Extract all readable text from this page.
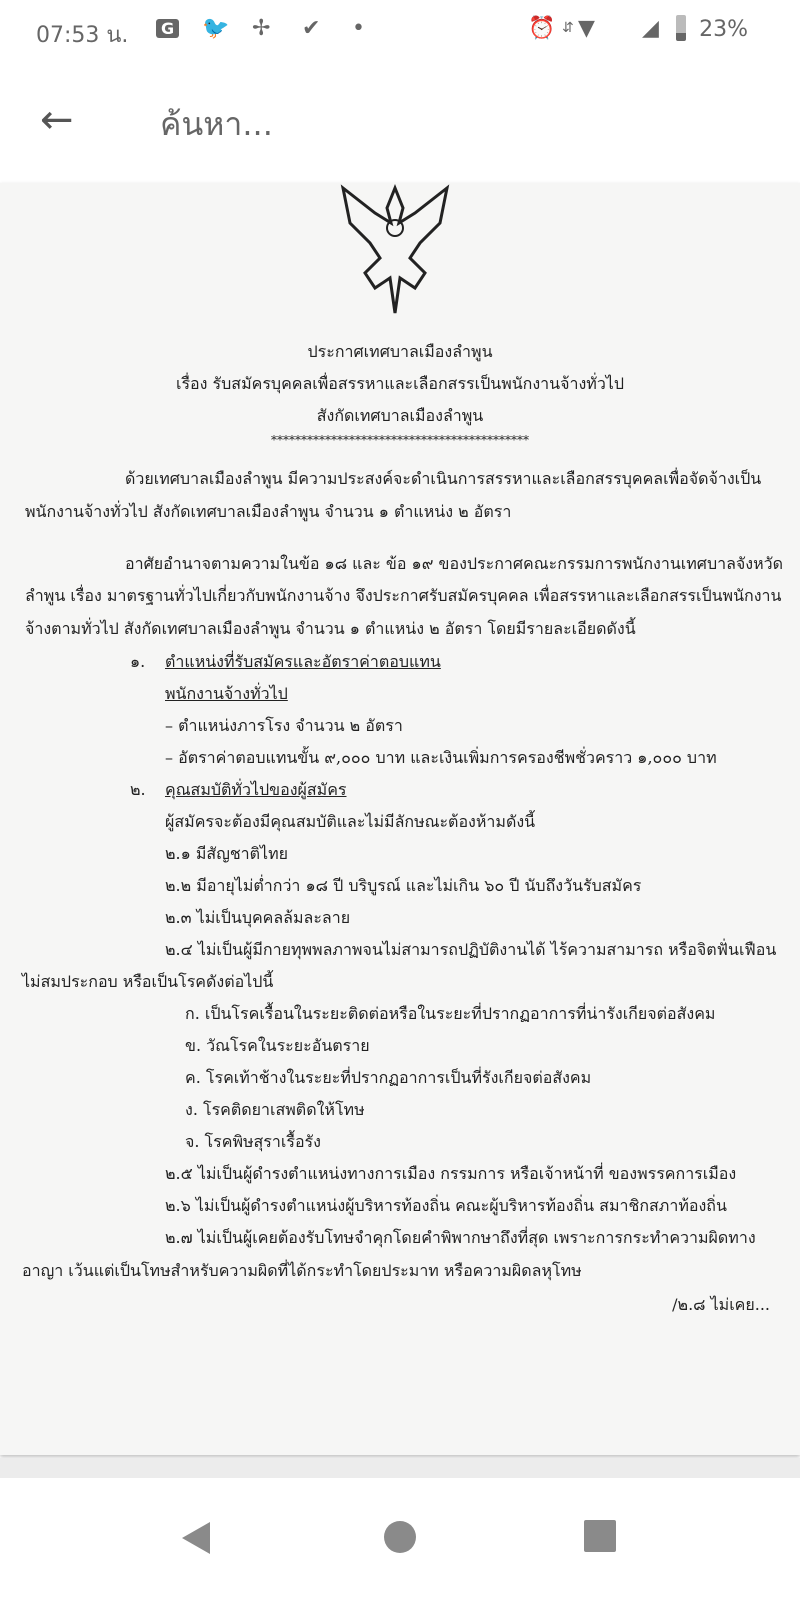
07:53 น.	G 🐦 ✢ ✔ •	⏰ ⇵ ▼ ◢ 23%
←
ค้นหา...
ประกาศเทศบาลเมืองลำพูน
เรื่อง รับสมัครบุคคลเพื่อสรรหาและเลือกสรรเป็นพนักงานจ้างทั่วไป
สังกัดเทศบาลเมืองลำพูน
*******************************************
ด้วยเทศบาลเมืองลำพูน มีความประสงค์จะดำเนินการสรรหาและเลือกสรรบุคคลเพื่อจัดจ้างเป็น
พนักงานจ้างทั่วไป สังกัดเทศบาลเมืองลำพูน จำนวน ๑ ตำแหน่ง ๒ อัตรา
อาศัยอำนาจตามความในข้อ ๑๘ และ ข้อ ๑๙ ของประกาศคณะกรรมการพนักงานเทศบาลจังหวัด
ลำพูน เรื่อง มาตรฐานทั่วไปเกี่ยวกับพนักงานจ้าง จึงประกาศรับสมัครบุคคล เพื่อสรรหาและเลือกสรรเป็นพนักงาน
จ้างตามทั่วไป สังกัดเทศบาลเมืองลำพูน จำนวน ๑ ตำแหน่ง ๒ อัตรา โดยมีรายละเอียดดังนี้
๑. ตำแหน่งที่รับสมัครและอัตราค่าตอบแทน
พนักงานจ้างทั่วไป
– ตำแหน่งภารโรง จำนวน ๒ อัตรา
– อัตราค่าตอบแทนขั้น ๙,๐๐๐ บาท และเงินเพิ่มการครองชีพชั่วคราว ๑,๐๐๐ บาท
๒. คุณสมบัติทั่วไปของผู้สมัคร
ผู้สมัครจะต้องมีคุณสมบัติและไม่มีลักษณะต้องห้ามดังนี้
๒.๑ มีสัญชาติไทย
๒.๒ มีอายุไม่ต่ำกว่า ๑๘ ปี บริบูรณ์ และไม่เกิน ๖๐ ปี นับถึงวันรับสมัคร
๒.๓ ไม่เป็นบุคคลล้มละลาย
๒.๔ ไม่เป็นผู้มีกายทุพพลภาพจนไม่สามารถปฏิบัติงานได้ ไร้ความสามารถ หรือจิตฟั่นเฟือน
ไม่สมประกอบ หรือเป็นโรคดังต่อไปนี้
ก. เป็นโรคเรื้อนในระยะติดต่อหรือในระยะที่ปรากฏอาการที่น่ารังเกียจต่อสังคม
ข. วัณโรคในระยะอันตราย
ค. โรคเท้าช้างในระยะที่ปรากฏอาการเป็นที่รังเกียจต่อสังคม
ง. โรคติดยาเสพติดให้โทษ
จ. โรคพิษสุราเรื้อรัง
๒.๕ ไม่เป็นผู้ดำรงตำแหน่งทางการเมือง กรรมการ หรือเจ้าหน้าที่ ของพรรคการเมือง
๒.๖ ไม่เป็นผู้ดำรงตำแหน่งผู้บริหารท้องถิ่น คณะผู้บริหารท้องถิ่น สมาชิกสภาท้องถิ่น
๒.๗ ไม่เป็นผู้เคยต้องรับโทษจำคุกโดยคำพิพากษาถึงที่สุด เพราะการกระทำความผิดทาง
อาญา เว้นแต่เป็นโทษสำหรับความผิดที่ได้กระทำโดยประมาท หรือความผิดลหุโทษ
/๒.๘ ไม่เคย...
